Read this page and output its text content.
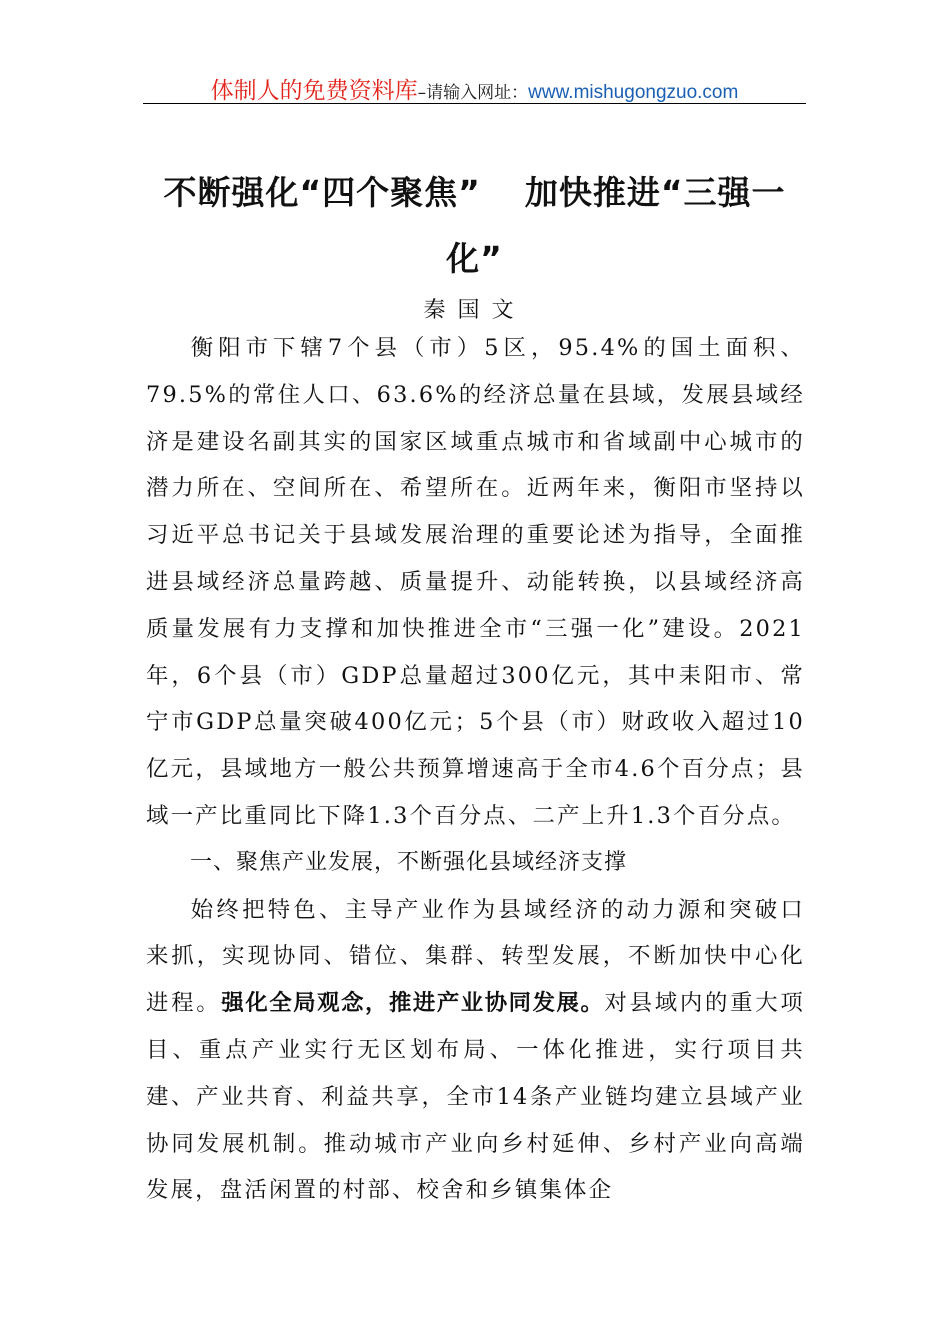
体制人的免费资料库–请输入网址：www.mishugongzuo.com
不断强化“四个聚焦” 加快推进“三强一化”
秦国文

衡阳市下辖7个县（市）5区，95.4%的国土面积、79.5%的常住人口、63.6%的经济总量在县域，发展县域经济是建设名副其实的国家区域重点城市和省域副中心城市的潜力所在、空间所在、希望所在。近两年来，衡阳市坚持以习近平总书记关于县域发展治理的重要论述为指导，全面推进县域经济总量跨越、质量提升、动能转换，以县域经济高质量发展有力支撑和加快推进全市“三强一化”建设。2021年，6个县（市）GDP总量超过300亿元，其中耒阳市、常宁市GDP总量突破400亿元；5个县（市）财政收入超过10亿元，县域地方一般公共预算增速高于全市4.6个百分点；县域一产比重同比下降1.3个百分点、二产上升1.3个百分点。

一、聚焦产业发展，不断强化县域经济支撑

始终把特色、主导产业作为县域经济的动力源和突破口来抓，实现协同、错位、集群、转型发展，不断加快中心化进程。强化全局观念，推进产业协同发展。对县域内的重大项目、重点产业实行无区划布局、一体化推进，实行项目共建、产业共育、利益共享，全市14条产业链均建立县域产业协同发展机制。推动城市产业向乡村延伸、乡村产业向高端发展，盘活闲置的村部、校舍和乡镇集体企
